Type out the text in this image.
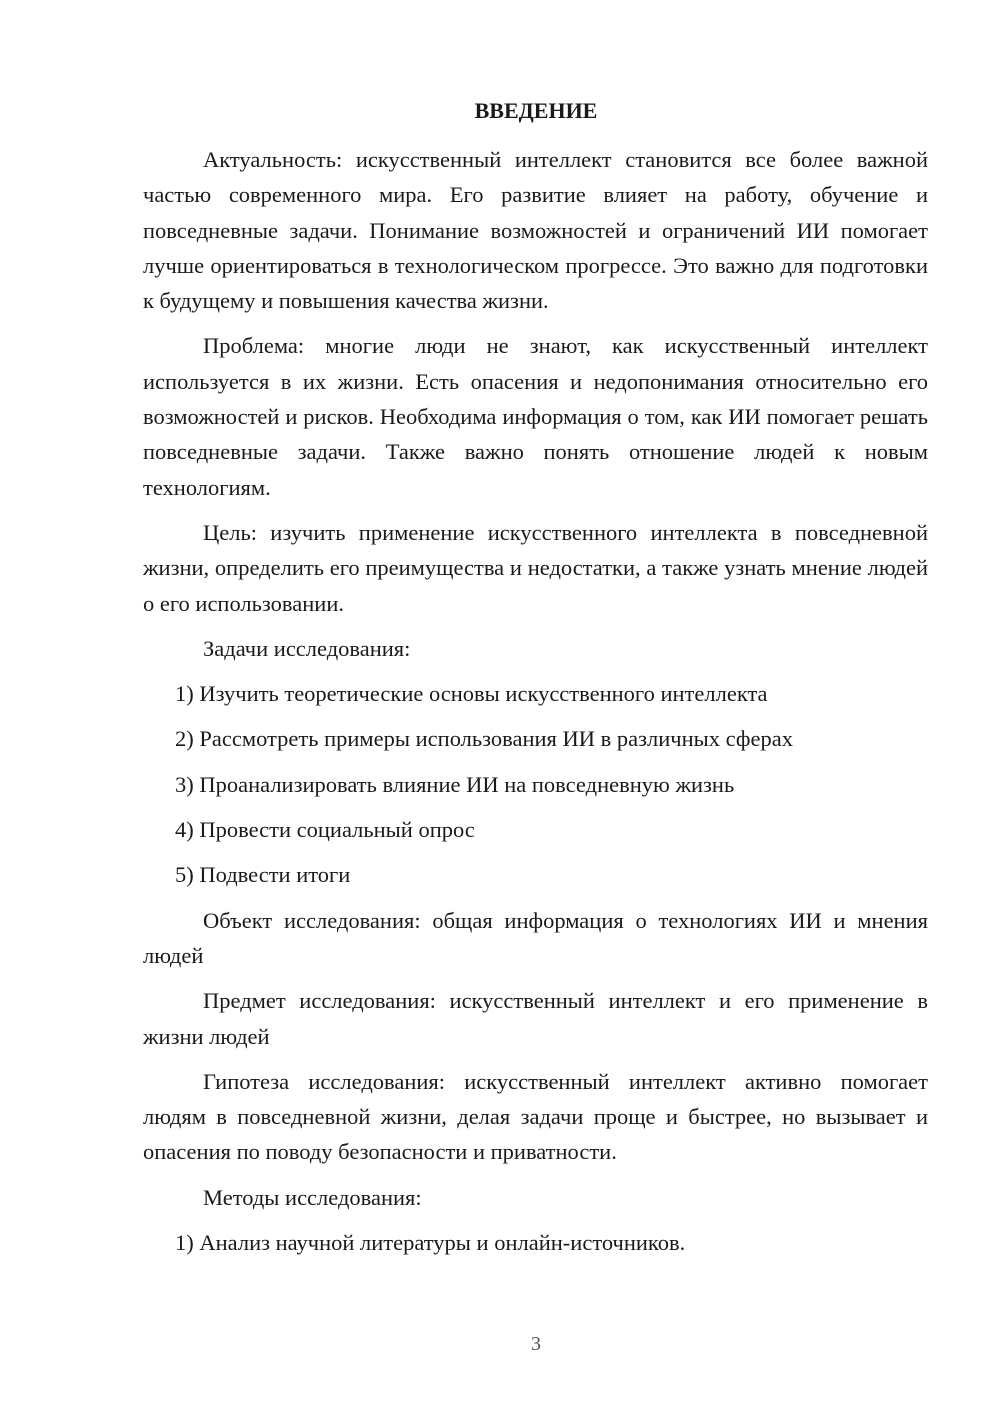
ВВЕДЕНИЕ

Актуальность: искусственный интеллект становится все более важной частью современного мира. Его развитие влияет на работу, обучение и повседневные задачи. Понимание возможностей и ограничений ИИ помогает лучше ориентироваться в технологическом прогрессе. Это важно для подготовки к будущему и повышения качества жизни.

Проблема: многие люди не знают, как искусственный интеллект используется в их жизни. Есть опасения и недопонимания относительно его возможностей и рисков. Необходима информация о том, как ИИ помогает решать повседневные задачи. Также важно понять отношение людей к новым технологиям.

Цель: изучить применение искусственного интеллекта в повседневной жизни, определить его преимущества и недостатки, а также узнать мнение людей о его использовании.

Задачи исследования:

1) Изучить теоретические основы искусственного интеллекта

2) Рассмотреть примеры использования ИИ в различных сферах

3) Проанализировать влияние ИИ на повседневную жизнь

4) Провести социальный опрос

5) Подвести итоги

Объект исследования: общая информация о технологиях ИИ и мнения людей

Предмет исследования: искусственный интеллект и его применение в жизни людей

Гипотеза исследования: искусственный интеллект активно помогает людям в повседневной жизни, делая задачи проще и быстрее, но вызывает и опасения по поводу безопасности и приватности.

Методы исследования:

1) Анализ научной литературы и онлайн-источников.

3
